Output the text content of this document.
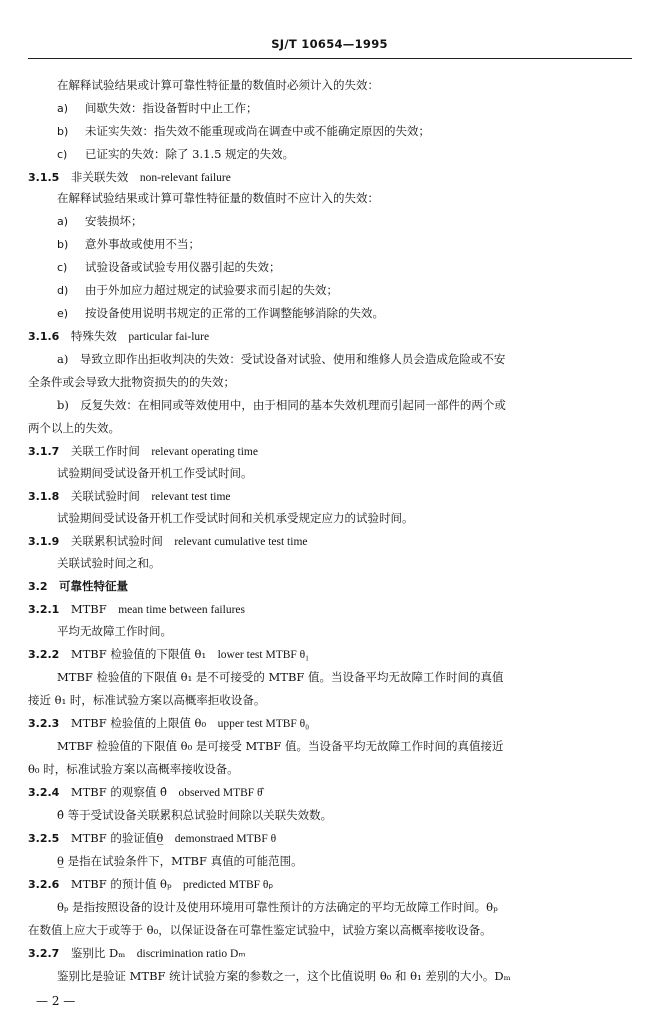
SJ/T 10654—1995
在解释试验结果或计算可靠性特征量的数值时必须计入的失效：
a) 间歇失效：指设备暂时中止工作；
b) 未证实失效：指失效不能重现或尚在调查中或不能确定原因的失效；
c) 已证实的失效：除了 3.1.5 规定的失效。
3.1.5　 非关联失效　 non-relevant failure
在解释试验结果或计算可靠性特征量的数值时不应计入的失效：
a) 安装损坏；
b) 意外事故或使用不当；
c) 试验设备或试验专用仪器引起的失效；
d) 由于外加应力超过规定的试验要求而引起的失效；
e) 按设备使用说明书规定的正常的工作调整能够消除的失效。
3.1.6　 特殊失效　 particular fai-lure
a)　导致立即作出拒收判决的失效：受试设备对试验、使用和维修人员会造成危险或不安
全条件或会导致大批物资损失的的失效；
b)　反复失效：在相同或等效使用中，由于相同的基本失效机理而引起同一部件的两个或
两个以上的失效。
3.1.7　 关联工作时间　 relevant operating time
试验期间受试设备开机工作受试时间。
3.1.8　 关联试验时间　 relevant test time
试验期间受试设备开机工作受试时间和关机承受规定应力的试验时间。
3.1.9　 关联累积试验时间　 relevant cumulative test time
关联试验时间之和。
3.2　 可靠性特征量
3.2.1　 MTBF　 mean time between failures
平均无故障工作时间。
3.2.2　 MTBF 检验值的下限值 θ₁　 lower test MTBF θ₁
MTBF 检验值的下限值 θ₁ 是不可接受的 MTBF 值。当设备平均无故障工作时间的真值
接近 θ₁ 时，标准试验方案以高概率拒收设备。
3.2.3　 MTBF 检验值的上限值 θ₀　 upper test MTBF θ₀
MTBF 检验值的下限值 θ₀ 是可接受 MTBF 值。当设备平均无故障工作时间的真值接近
θ₀ 时，标准试验方案以高概率接收设备。
3.2.4　 MTBF 的观察值 θ̂　 observed MTBF θ̂
θ̂ 等于受试设备关联累积总试验时间除以关联失效数。
3.2.5　 MTBF 的验证值θ̲　 demonstraed MTBF θ
θ̲ 是指在试验条件下，MTBF 真值的可能范围。
3.2.6　 MTBF 的预计值 θₚ　 predicted MTBF θₚ
θₚ 是指按照设备的设计及使用环境用可靠性预计的方法确定的平均无故障工作时间。θₚ
在数值上应大于或等于 θ₀，以保证设备在可靠性鉴定试验中，试验方案以高概率接收设备。
3.2.7　 鉴别比 Dₘ　 discrimination ratio Dₘ
鉴别比是验证 MTBF 统计试验方案的参数之一，这个比值说明 θ₀ 和 θ₁ 差别的大小。Dₘ
— 2 —
